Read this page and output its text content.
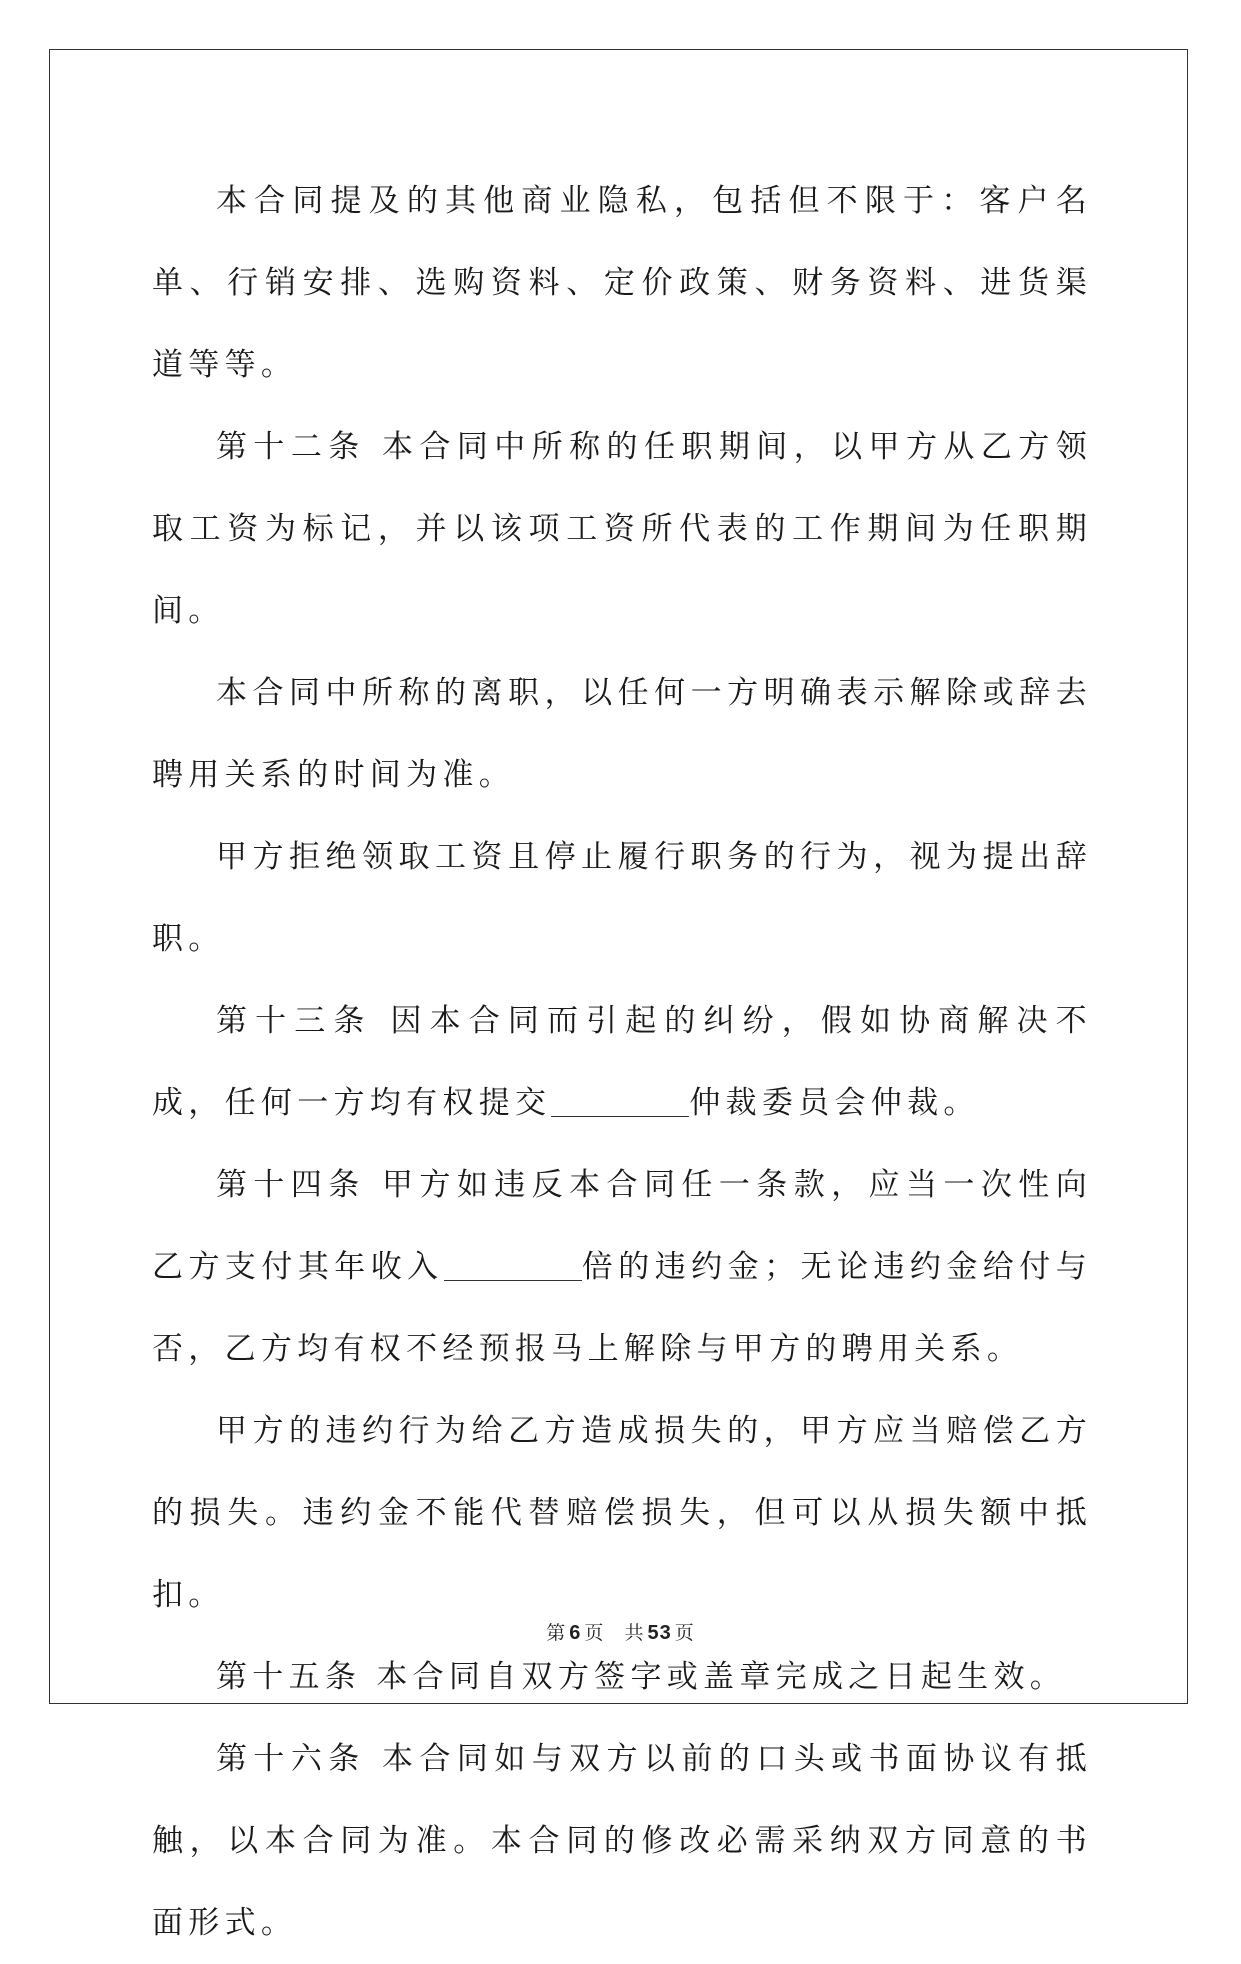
本合同提及的其他商业隐私，包括但不限于：客户名单、行销安排、选购资料、定价政策、财务资料、进货渠道等等。

第十二条 本合同中所称的任职期间，以甲方从乙方领取工资为标记，并以该项工资所代表的工作期间为任职期间。

本合同中所称的离职，以任何一方明确表示解除或辞去聘用关系的时间为准。

甲方拒绝领取工资且停止履行职务的行为，视为提出辞职。

第十三条 因本合同而引起的纠纷，假如协商解决不成，任何一方均有权提交	仲裁委员会仲裁。

第十四条 甲方如违反本合同任一条款，应当一次性向乙方支付其年收入	倍的违约金；无论违约金给付与否，乙方均有权不经预报马上解除与甲方的聘用关系。

甲方的违约行为给乙方造成损失的，甲方应当赔偿乙方的损失。违约金不能代替赔偿损失，但可以从损失额中抵扣。

第十五条 本合同自双方签字或盖章完成之日起生效。

第十六条 本合同如与双方以前的口头或书面协议有抵触，以本合同为准。本合同的修改必需采纳双方同意的书面形式。

第 6 页 共 53 页
